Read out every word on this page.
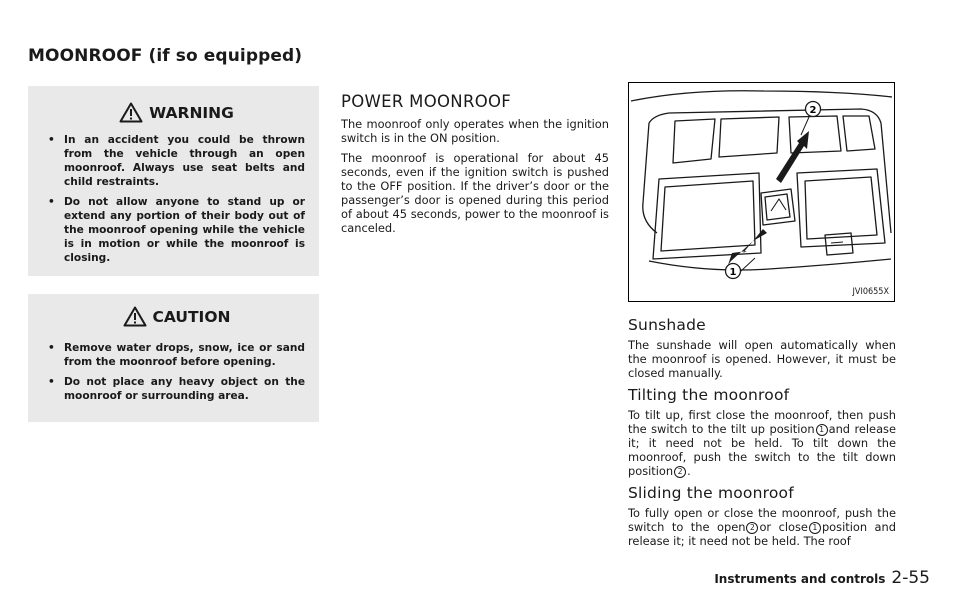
MOONROOF (if so equipped)
WARNING
• In an accident you could be thrown from the vehicle through an open moonroof. Always use seat belts and child restraints.
• Do not allow anyone to stand up or extend any portion of their body out of the moonroof opening while the vehicle is in motion or while the moonroof is closing.
CAUTION
• Remove water drops, snow, ice or sand from the moonroof before opening.
• Do not place any heavy object on the moonroof or surrounding area.
POWER MOONROOF

The moonroof only operates when the ignition switch is in the ON position.

The moonroof is operational for about 45 seconds, even if the ignition switch is pushed to the OFF position. If the driver’s door or the passenger’s door is opened during this period of about 45 seconds, power to the moonroof is canceled.

2
1
JVI0655X
Sunshade

The sunshade will open automatically when the moonroof is opened. However, it must be closed manually.

Tilting the moonroof

To tilt up, first close the moonroof, then push the switch to the tilt up position 1 and release it; it need not be held. To tilt down the moonroof, push the switch to the tilt down position 2 .

Sliding the moonroof

To fully open or close the moonroof, push the switch to the open 2 or close 1 position and release it; it need not be held. The roof

Instruments and controls 2-55
